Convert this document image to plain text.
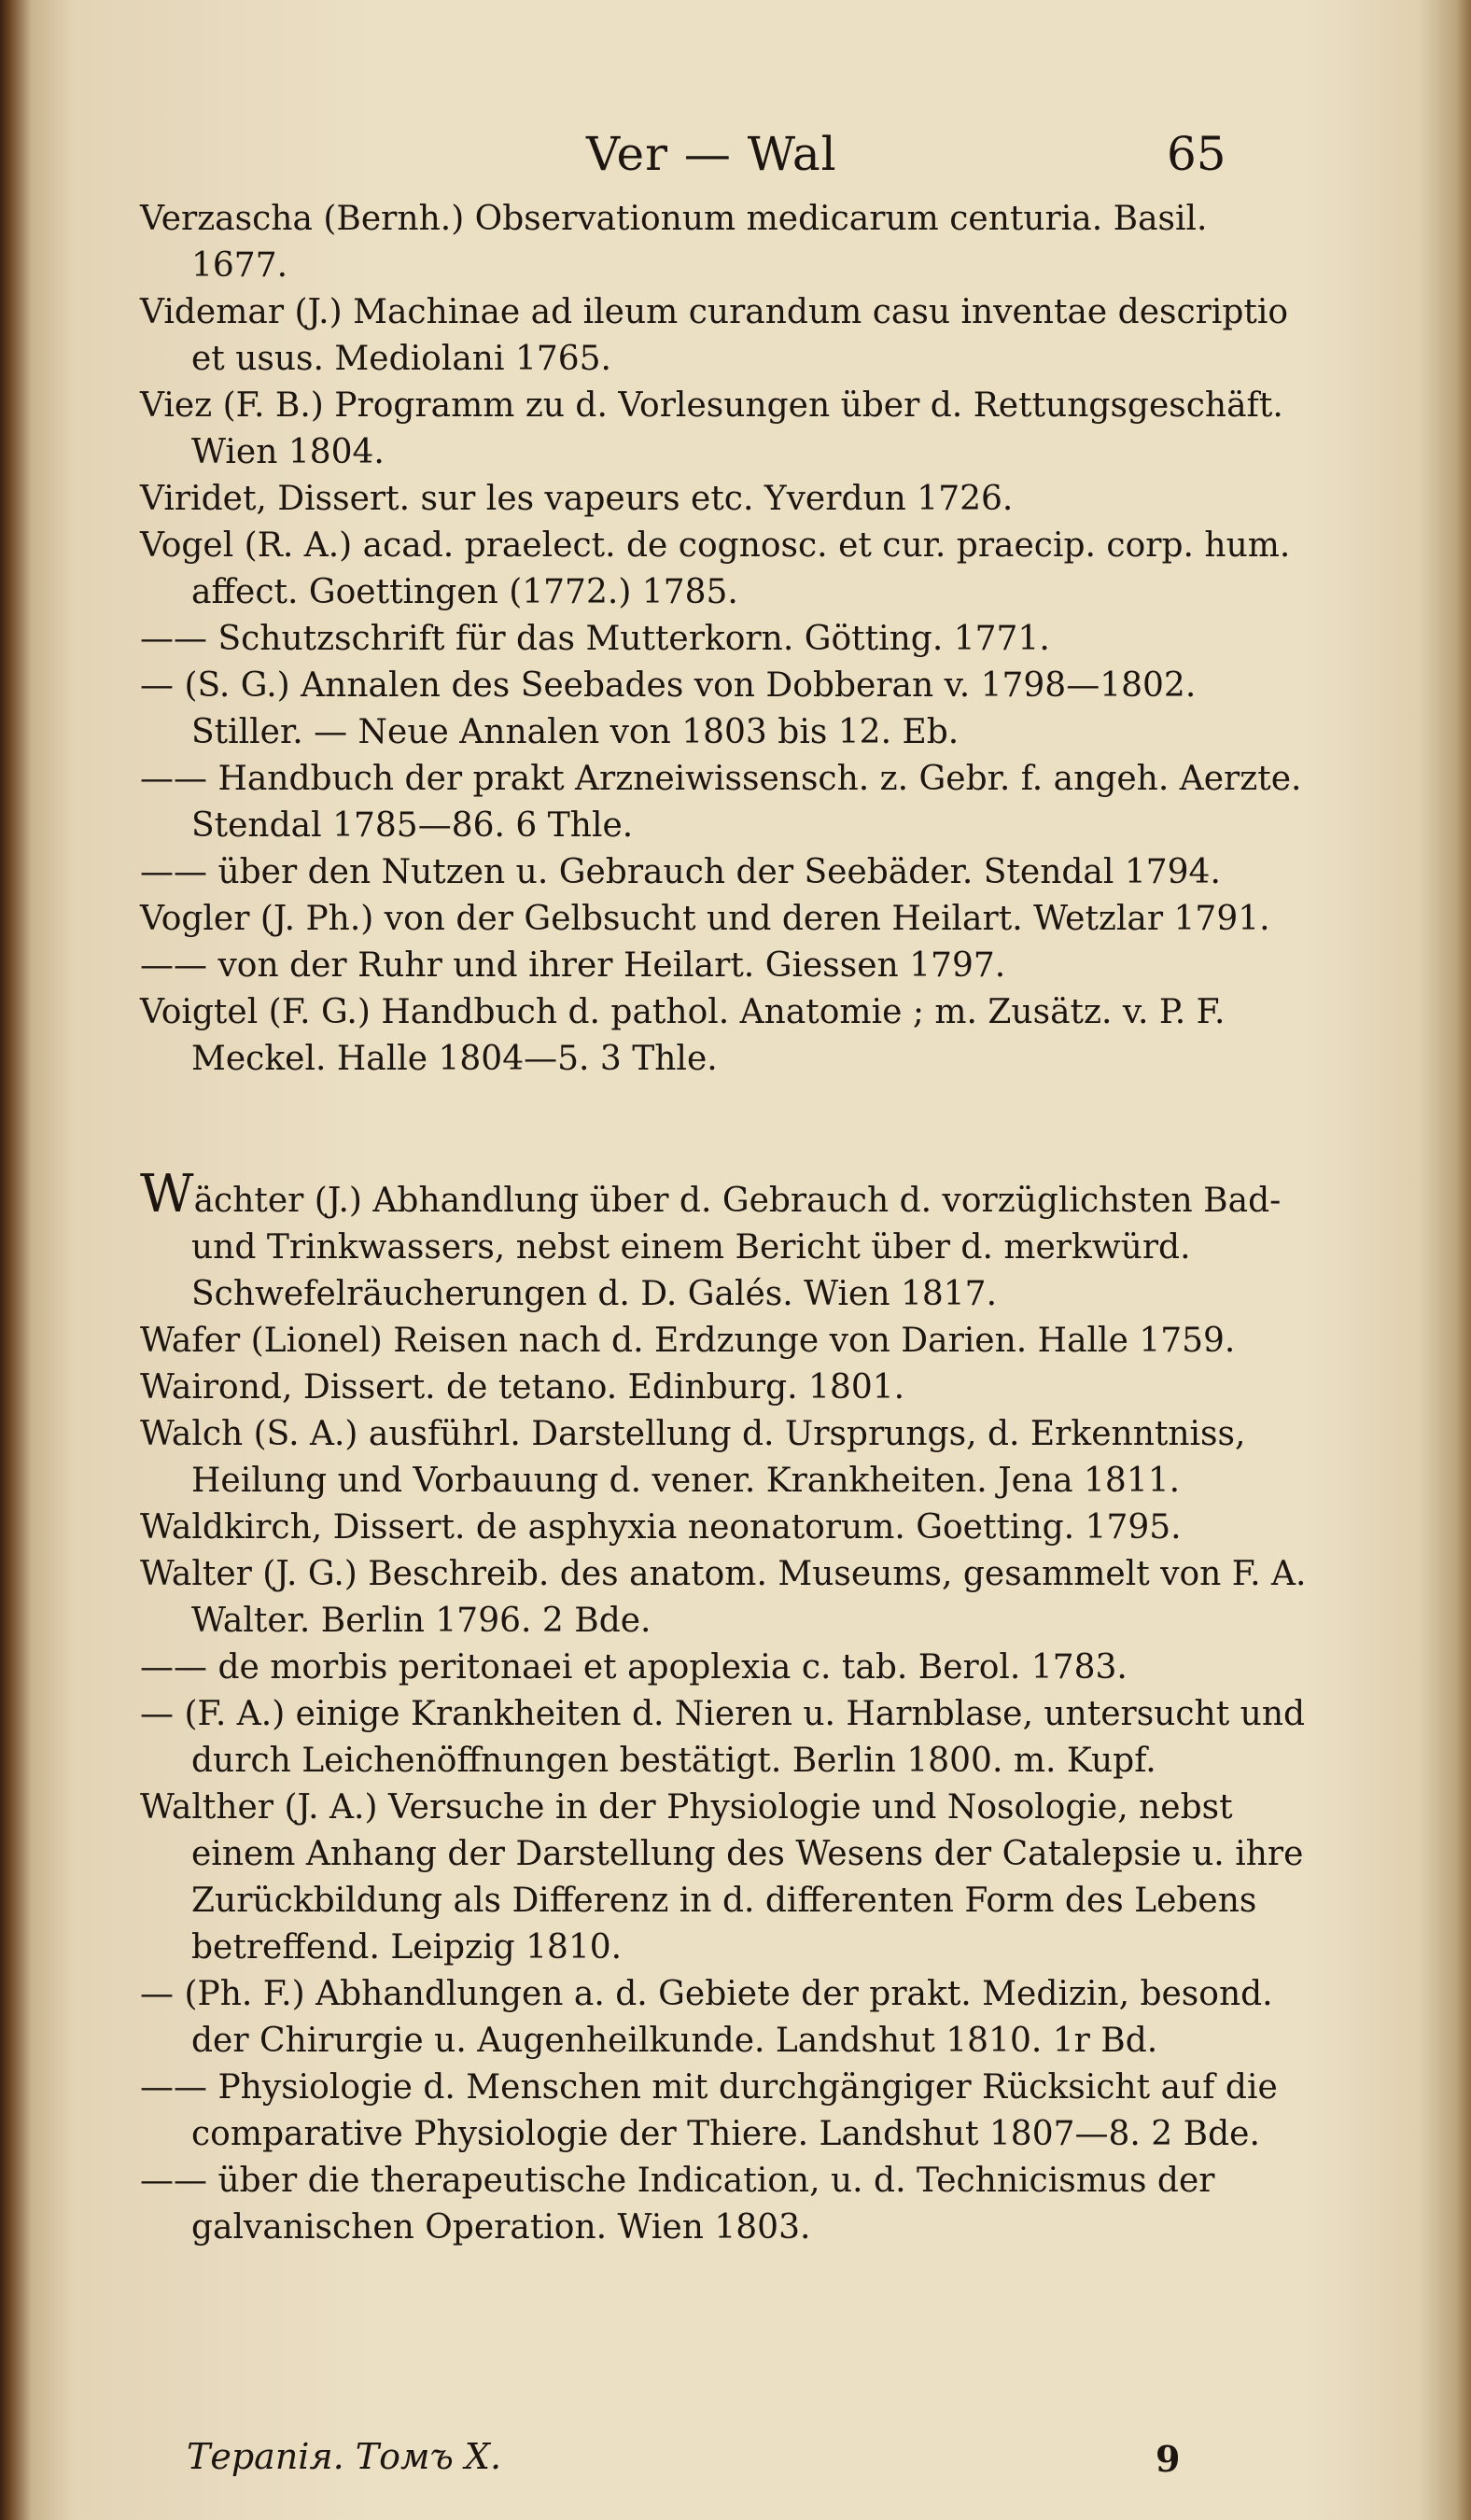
Ver — Wal	65
Verzascha (Bernh.) Observationum medicarum centuria. Basil. 1677.
Videmar (J.) Machinae ad ileum curandum casu inventae descriptio et usus. Mediolani 1765.
Viez (F. B.) Programm zu d. Vorlesungen über d. Rettungsgeschäft. Wien 1804.
Viridet, Dissert. sur les vapeurs etc. Yverdun 1726.
Vogel (R. A.) acad. praelect. de cognosc. et cur. praecip. corp. hum. affect. Goettingen (1772.) 1785.
—— Schutzschrift für das Mutterkorn. Götting. 1771.
— (S. G.) Annalen des Seebades von Dobberan v. 1798—1802. Stiller. — Neue Annalen von 1803 bis 12. Eb.
—— Handbuch der prakt Arzneiwissensch. z. Gebr. f. angeh. Aerzte. Stendal 1785—86. 6 Thle.
—— über den Nutzen u. Gebrauch der Seebäder. Stendal 1794.
Vogler (J. Ph.) von der Gelbsucht und deren Heilart. Wetzlar 1791.
—— von der Ruhr und ihrer Heilart. Giessen 1797.
Voigtel (F. G.) Handbuch d. pathol. Anatomie ; m. Zusätz. v. P. F. Meckel. Halle 1804—5. 3 Thle.
Wächter (J.) Abhandlung über d. Gebrauch d. vorzüglichsten Bad- und Trinkwassers, nebst einem Bericht über d. merkwürd. Schwefelräucherungen d. D. Galés. Wien 1817.
Wafer (Lionel) Reisen nach d. Erdzunge von Darien. Halle 1759.
Wairond, Dissert. de tetano. Edinburg. 1801.
Walch (S. A.) ausführl. Darstellung d. Ursprungs, d. Erkenntniss, Heilung und Vorbauung d. vener. Krankheiten. Jena 1811.
Waldkirch, Dissert. de asphyxia neonatorum. Goetting. 1795.
Walter (J. G.) Beschreib. des anatom. Museums, gesammelt von F. A. Walter. Berlin 1796. 2 Bde.
—— de morbis peritonaei et apoplexia c. tab. Berol. 1783.
— (F. A.) einige Krankheiten d. Nieren u. Harnblase, untersucht und durch Leichenöffnungen bestätigt. Berlin 1800. m. Kupf.
Walther (J. A.) Versuche in der Physiologie und Nosologie, nebst einem Anhang der Darstellung des Wesens der Catalepsie u. ihre Zurückbildung als Differenz in d. differenten Form des Lebens betreffend. Leipzig 1810.
— (Ph. F.) Abhandlungen a. d. Gebiete der prakt. Medizin, besond. der Chirurgie u. Augenheilkunde. Landshut 1810. 1r Bd.
—— Physiologie d. Menschen mit durchgängiger Rücksicht auf die comparative Physiologie der Thiere. Landshut 1807—8. 2 Bde.
—— über die therapeutische Indication, u. d. Technicismus der galvanischen Operation. Wien 1803.
Терапія. Томъ X.	9
